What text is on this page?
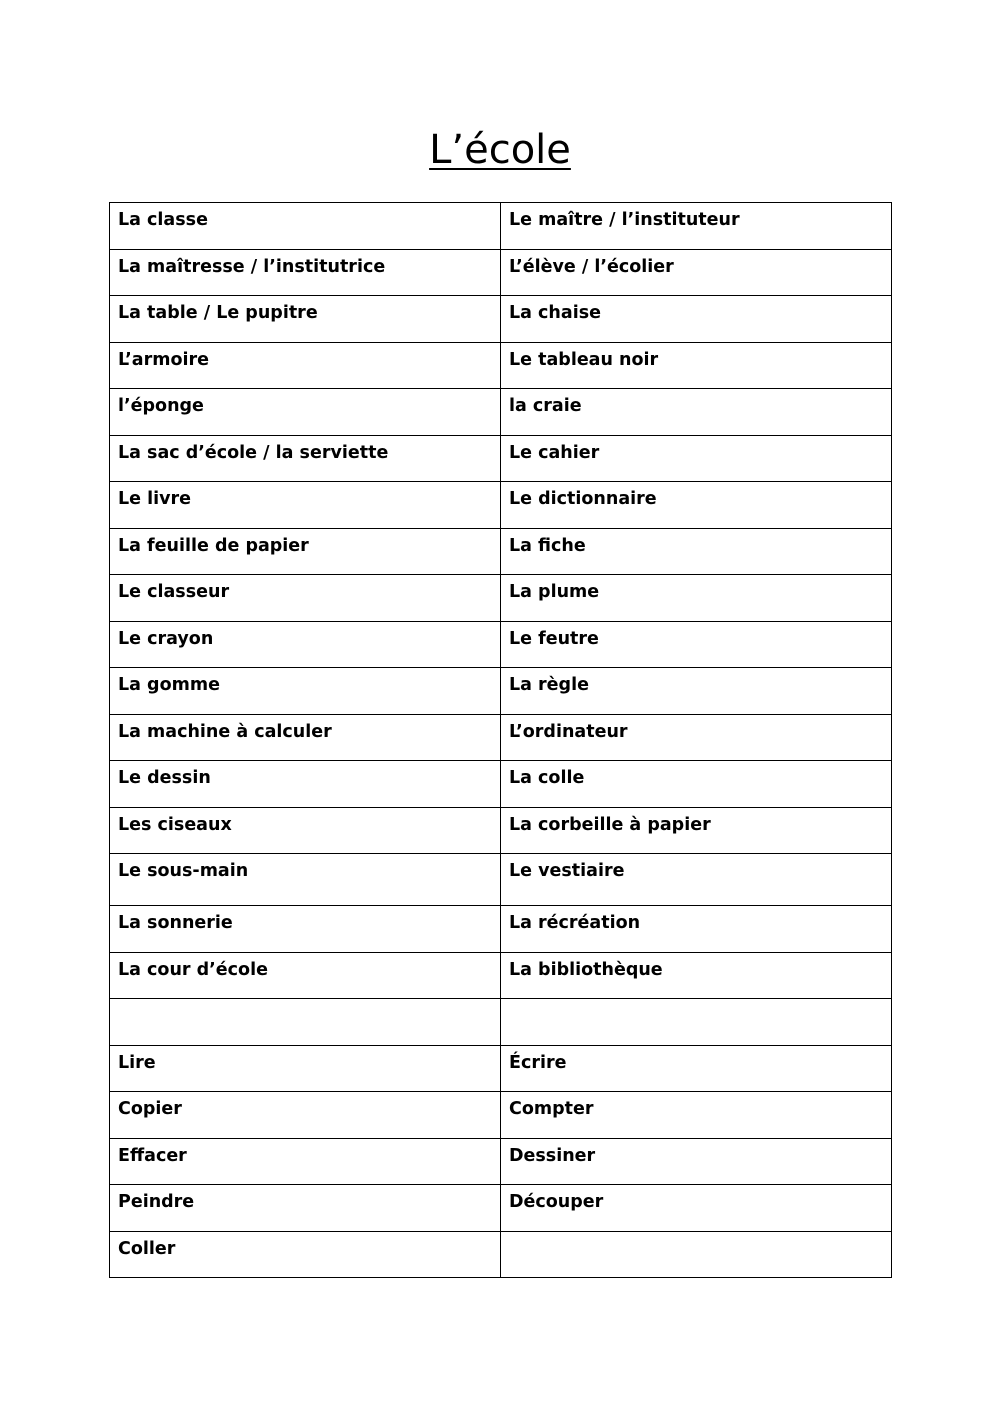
L’école
La classe	Le maître / l’instituteur
La maîtresse / l’institutrice	L’élève / l’écolier
La table / Le pupitre	La chaise
L’armoire	Le tableau noir
l’éponge	la craie
La sac d’école / la serviette	Le cahier
Le livre	Le dictionnaire
La feuille de papier	La fiche
Le classeur	La plume
Le crayon	Le feutre
La gomme	La règle
La machine à calculer	L’ordinateur
Le dessin	La colle
Les ciseaux	La corbeille à papier
Le sous-main	Le vestiaire
La sonnerie	La récréation
La cour d’école	La bibliothèque

Lire	Écrire
Copier	Compter
Effacer	Dessiner
Peindre	Découper
Coller	
